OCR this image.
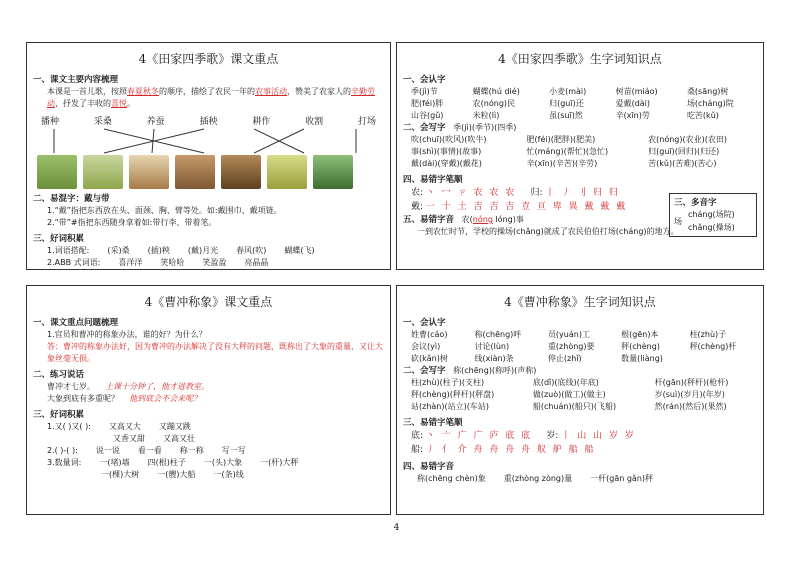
4《田家四季歌》课文重点
一、课文主要内容梳理
本课是一首儿歌，按照春夏秋冬的顺序，描绘了农民一年的农事活动，赞美了农家人的辛勤劳动，抒发了丰收的喜悦。
播种	采桑	养蚕	插秧	耕作	收割	打场
二、易混字：戴与带
1.“戴”指把东西放在头、面颈、胸、臂等处。如:戴围巾、戴项链。
2.“带”#指把东西随身拿着如:带行李、带着笔。
三、好词积累
1.词语搭配: (采)桑 (插)秧 (戴)月光 春风(吹) 蝴蝶(飞)
2.ABB 式词语: 喜洋洋 笑哈哈 笑盈盈 亮晶晶
4《田家四季歌》生字词知识点
一、会认字
季(jì)节	蝴蝶(hú dié)	小麦(mài)	树苗(miáo)	桑(sāng)树
肥(féi)胖	农(nóng)民	归(guī)还	爱戴(dài)	场(cháng)院
山谷(gǔ)	米粒(lì)	虽(suī)然	辛(xīn)劳	吃苦(kǔ)
二、会写字 季(jì)(季节)(四季)
吹(chuī)(吹风)(吹牛)	肥(féi)(肥胖)(肥美)	农(nóng)(农业)(农田)
事(shì)(事情)(故事)	忙(máng)(帮忙)(急忙)	归(guī)(回归)(归还)
戴(dài)(穿戴)(戴花)	辛(xīn)(辛苦)(辛劳)	苦(kǔ)(苦难)(苦心)
四、易错字笔顺
农: 丶 冖 ㄗ 农 农 农 归: 丨 丿 刂 归 归
戴: 一 十 土 吉 吉 吉 壴 亘 卑 異 戴 戴 戴
五、易错字音 农(nóng lóng)事
一到农忙时节，学校的操场(chǎng)就成了农民伯伯打场(cháng)的地方。
三、多音字
场
cháng(场院)
chǎng(操场)
4《曹冲称象》课文重点
一、课文重点问题梳理
1.官员和曹冲的称象办法，谁的好？为什么？
答：曹冲的称象办法好，因为曹冲的办法解决了没有大秤的问题，既称出了大象的重量，又让大象丝毫无损。
二、练习说话
曹冲才七岁。 上课十分钟了，他才进教室。
大象到底有多重呢？ 他到底会不会来呢？
三、好词积累
1.又( )又( ): 又高又大 又蹦又跳
又香又甜 又高又壮
2.( )-( ): 说一说 看一看 称一称 写一写
3.数量词: 一(堵)墙 四(根)柱子 一(头)大象 一(杆)大秤
一(棵)大树 一(艘)大船 一(条)线
4《曹冲称象》生字词知识点
一、会认字
姓曹(cáo)	称(chēng)呼	员(yuán)工	根(gēn)本	柱(zhù)子
会议(yì)	讨论(lùn)	重(zhòng)要	秤(chèng)	秤(chèng)杆
砍(kǎn)树	线(xiàn)条	停止(zhǐ)	数量(liàng)
二、会写字 称(chēng)(称呼)(声称)
柱(zhù)(柱子)(支柱)	底(dǐ)(底线)(年底)	杆(gān)(秤杆)(枪杆)
秤(chèng)(秤杆)(秤盘)	做(zuò)(做工)(做主)	岁(suì)(岁月)(年岁)
站(zhàn)(站立)(车站)	船(chuán)(船只)(飞船)	然(rán)(然后)(果然)
三、易错字笔顺
底: 丶 亠 广 广 庐 底 底 岁: 丨 山 山 岁 岁
船: 丿 亻 介 舟 舟 舟 舟 舣 舮 船 船
四、易错字音
称(chēng chèn)象 重(zhòng zòng)量 一杆(gān gǎn)秤
4
